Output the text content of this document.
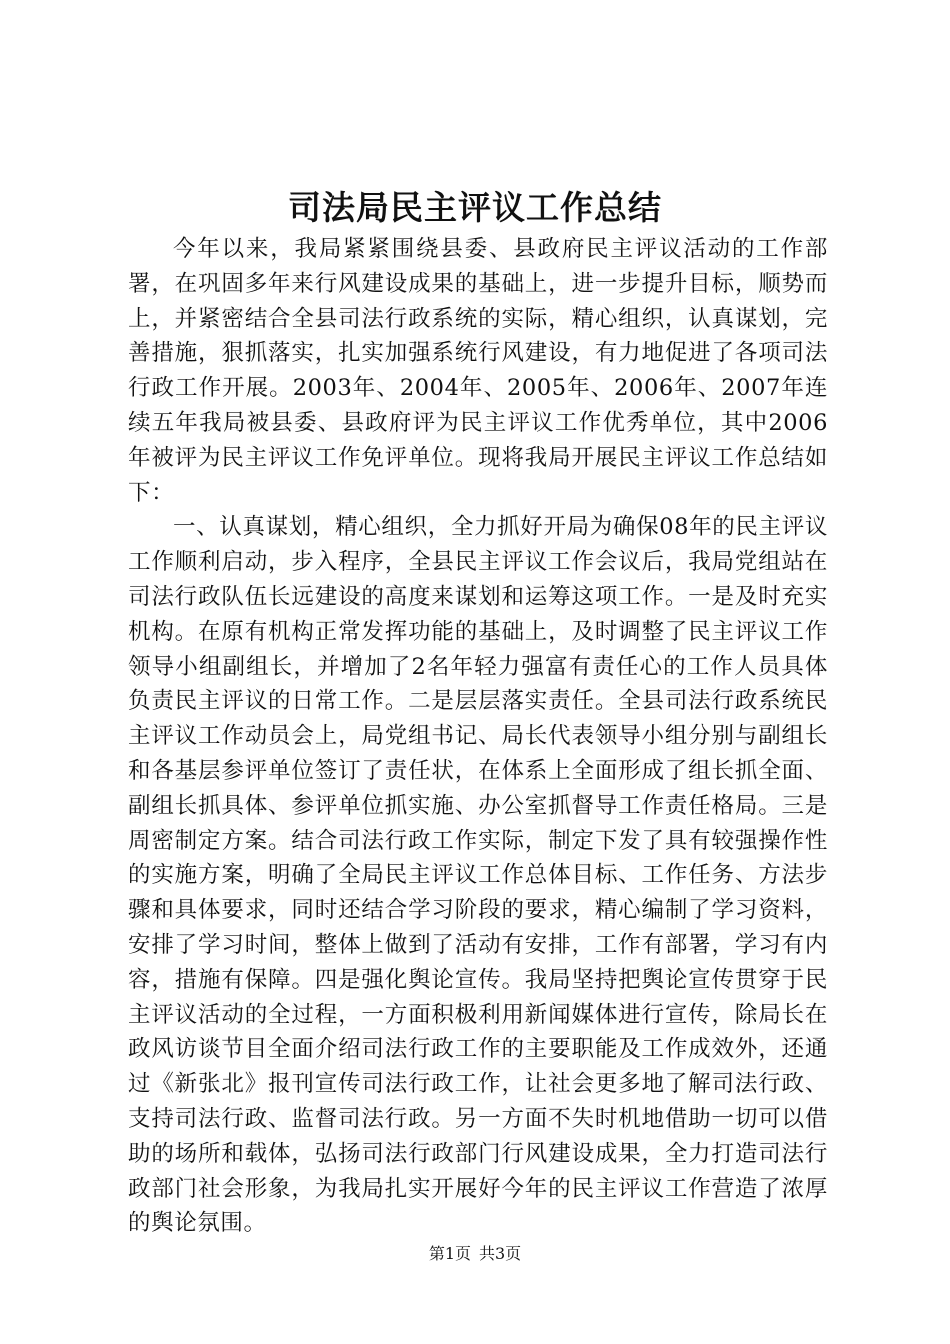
司法局民主评议工作总结

今年以来，我局紧紧围绕县委、县政府民主评议活动的工作部署，在巩固多年来行风建设成果的基础上，进一步提升目标，顺势而上，并紧密结合全县司法行政系统的实际，精心组织，认真谋划，完善措施，狠抓落实，扎实加强系统行风建设，有力地促进了各项司法行政工作开展。2003年、2004年、2005年、2006年、2007年连续五年我局被县委、县政府评为民主评议工作优秀单位，其中2006年被评为民主评议工作免评单位。现将我局开展民主评议工作总结如下：

一、认真谋划，精心组织，全力抓好开局为确保08年的民主评议工作顺利启动，步入程序，全县民主评议工作会议后，我局党组站在司法行政队伍长远建设的高度来谋划和运筹这项工作。一是及时充实机构。在原有机构正常发挥功能的基础上，及时调整了民主评议工作领导小组副组长，并增加了2名年轻力强富有责任心的工作人员具体负责民主评议的日常工作。二是层层落实责任。全县司法行政系统民主评议工作动员会上，局党组书记、局长代表领导小组分别与副组长和各基层参评单位签订了责任状，在体系上全面形成了组长抓全面、副组长抓具体、参评单位抓实施、办公室抓督导工作责任格局。三是周密制定方案。结合司法行政工作实际，制定下发了具有较强操作性的实施方案，明确了全局民主评议工作总体目标、工作任务、方法步骤和具体要求，同时还结合学习阶段的要求，精心编制了学习资料，安排了学习时间，整体上做到了活动有安排，工作有部署，学习有内容，措施有保障。四是强化舆论宣传。我局坚持把舆论宣传贯穿于民主评议活动的全过程，一方面积极利用新闻媒体进行宣传，除局长在政风访谈节目全面介绍司法行政工作的主要职能及工作成效外，还通过《新张北》报刊宣传司法行政工作，让社会更多地了解司法行政、支持司法行政、监督司法行政。另一方面不失时机地借助一切可以借助的场所和载体，弘扬司法行政部门行风建设成果，全力打造司法行政部门社会形象，为我局扎实开展好今年的民主评议工作营造了浓厚的舆论氛围。

第1页 共3页
